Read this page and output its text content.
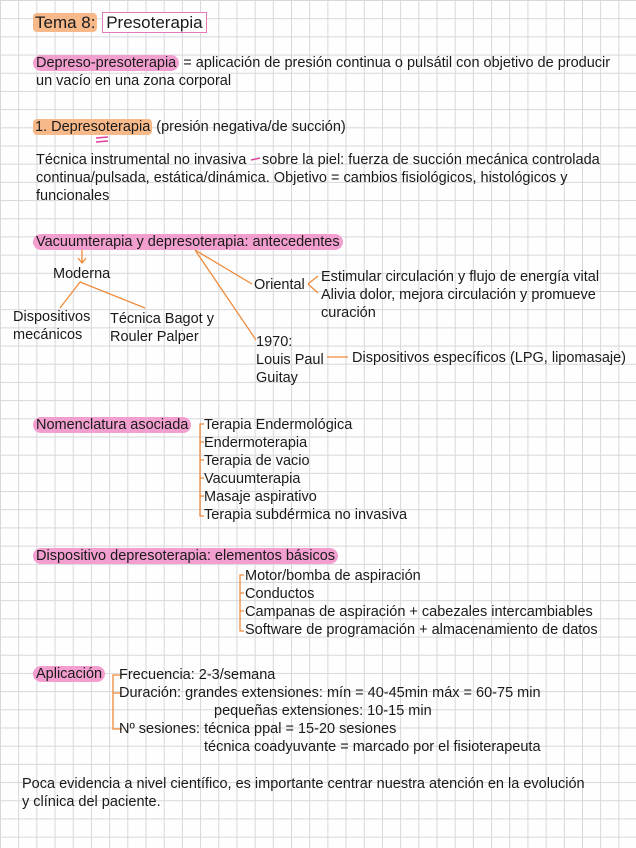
Tema 8: Presoterapia
Depreso-presoterapia = aplicación de presión continua o pulsátil con objetivo de producir
un vacío en una zona corporal
1. Depresoterapia (presión negativa/de succión)
Técnica instrumental no invasiva sobre la piel: fuerza de succión mecánica controlada
continua/pulsada, estática/dinámica. Objetivo = cambios fisiológicos, histológicos y
funcionales
Vacuumterapia y depresoterapia: antecedentes
Moderna
Dispositivos
mecánicos
Técnica Bagot y
Rouler Palper
Oriental Estimular circulación y flujo de energía vital
Alivia dolor, mejora circulación y promueve
curación
1970:
Louis Paul
Guitay
Dispositivos específicos (LPG, lipomasaje)
Nomenclatura asociada Terapia Endermológica
Endermoterapia
Terapia de vacio
Vacuumterapia
Masaje aspirativo
Terapia subdérmica no invasiva
Dispositivo depresoterapia: elementos básicos
Motor/bomba de aspiración
Conductos
Campanas de aspiración + cabezales intercambiables
Software de programación + almacenamiento de datos
Aplicación Frecuencia: 2-3/semana
Duración: grandes extensiones: mín = 40-45min máx = 60-75 min
pequeñas extensiones: 10-15 min
Nº sesiones: técnica ppal = 15-20 sesiones
técnica coadyuvante = marcado por el fisioterapeuta
Poca evidencia a nivel científico, es importante centrar nuestra atención en la evolución
y clínica del paciente.
